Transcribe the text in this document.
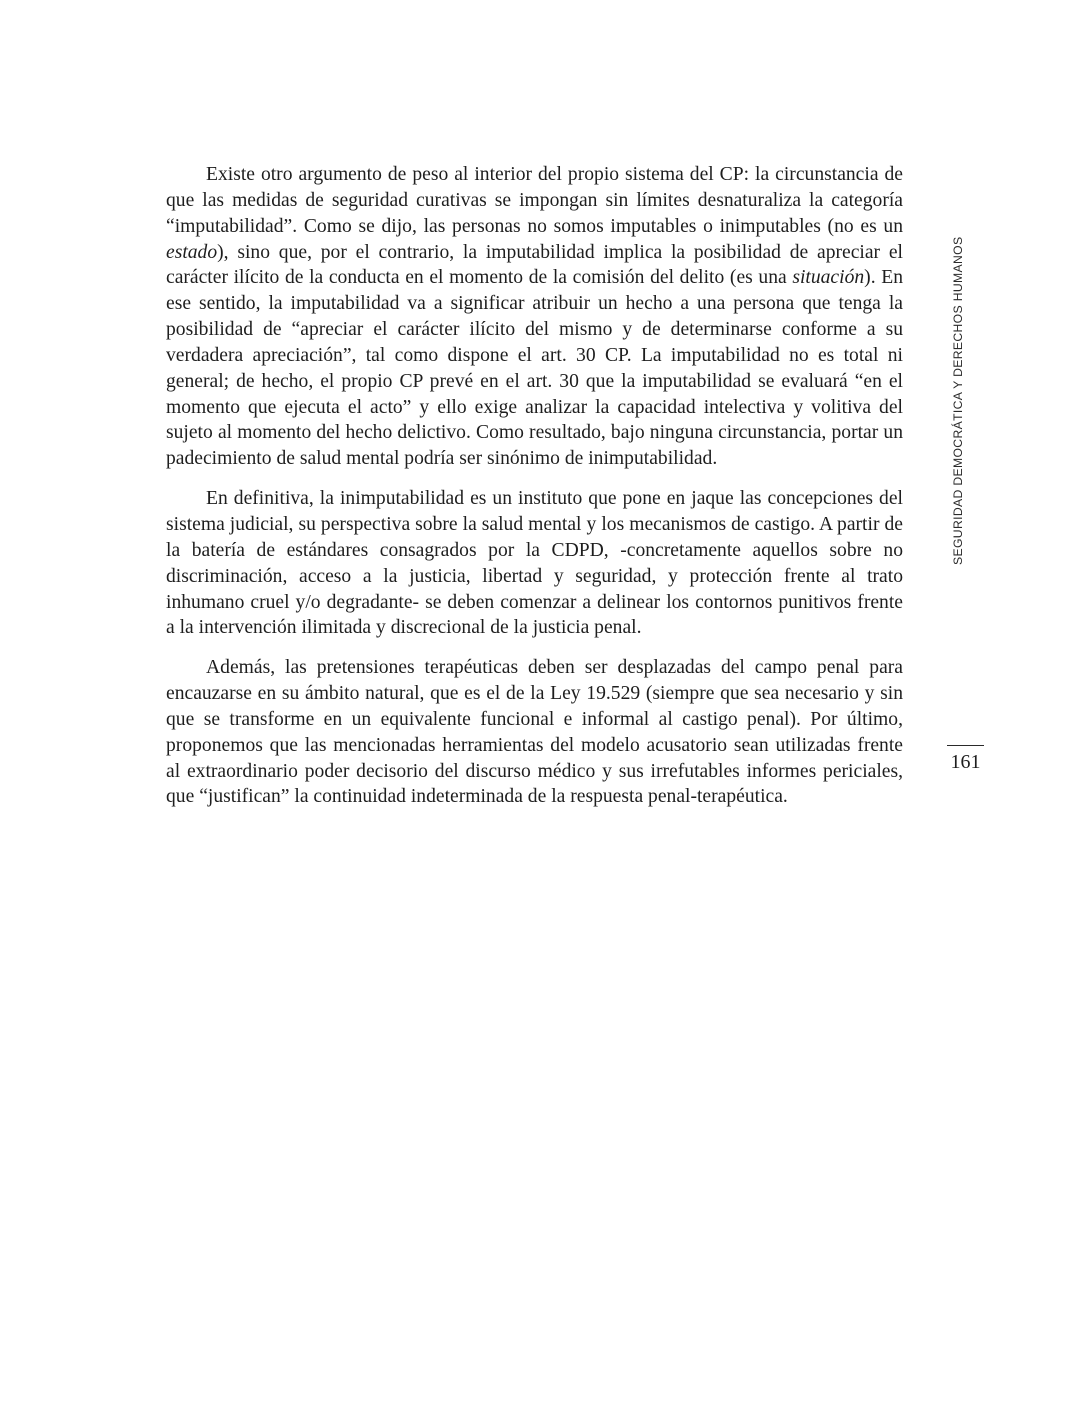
Existe otro argumento de peso al interior del propio sistema del CP: la circunstancia de que las medidas de seguridad curativas se impongan sin límites desnaturaliza la categoría “imputabilidad”. Como se dijo, las personas no somos imputables o inimputables (no es un estado), sino que, por el contrario, la imputabilidad implica la posibilidad de apreciar el carácter ilícito de la conducta en el momento de la comisión del delito (es una situación). En ese sentido, la imputabilidad va a significar atribuir un hecho a una persona que tenga la posibilidad de “apreciar el carácter ilícito del mismo y de determinarse conforme a su verdadera apreciación”, tal como dispone el art. 30 CP. La imputabilidad no es total ni general; de hecho, el propio CP prevé en el art. 30 que la imputabilidad se evaluará “en el momento que ejecuta el acto” y ello exige analizar la capacidad intelectiva y volitiva del sujeto al momento del hecho delictivo. Como resultado, bajo ninguna circunstancia, portar un padecimiento de salud mental podría ser sinónimo de inimputabilidad.

En definitiva, la inimputabilidad es un instituto que pone en jaque las concepciones del sistema judicial, su perspectiva sobre la salud mental y los mecanismos de castigo. A partir de la batería de estándares consagrados por la CDPD, -concretamente aquellos sobre no discriminación, acceso a la justicia, libertad y seguridad, y protección frente al trato inhumano cruel y/o degradante- se deben comenzar a delinear los contornos punitivos frente a la intervención ilimitada y discrecional de la justicia penal.

Además, las pretensiones terapéuticas deben ser desplazadas del campo penal para encauzarse en su ámbito natural, que es el de la Ley 19.529 (siempre que sea necesario y sin que se transforme en un equivalente funcional e informal al castigo penal). Por último, proponemos que las mencionadas herramientas del modelo acusatorio sean utilizadas frente al extraordinario poder decisorio del discurso médico y sus irrefutables informes periciales, que “justifican” la continuidad indeterminada de la respuesta penal-terapéutica.

SEGURIDAD DEMOCRÁTICA Y DERECHOS HUMANOS
161
